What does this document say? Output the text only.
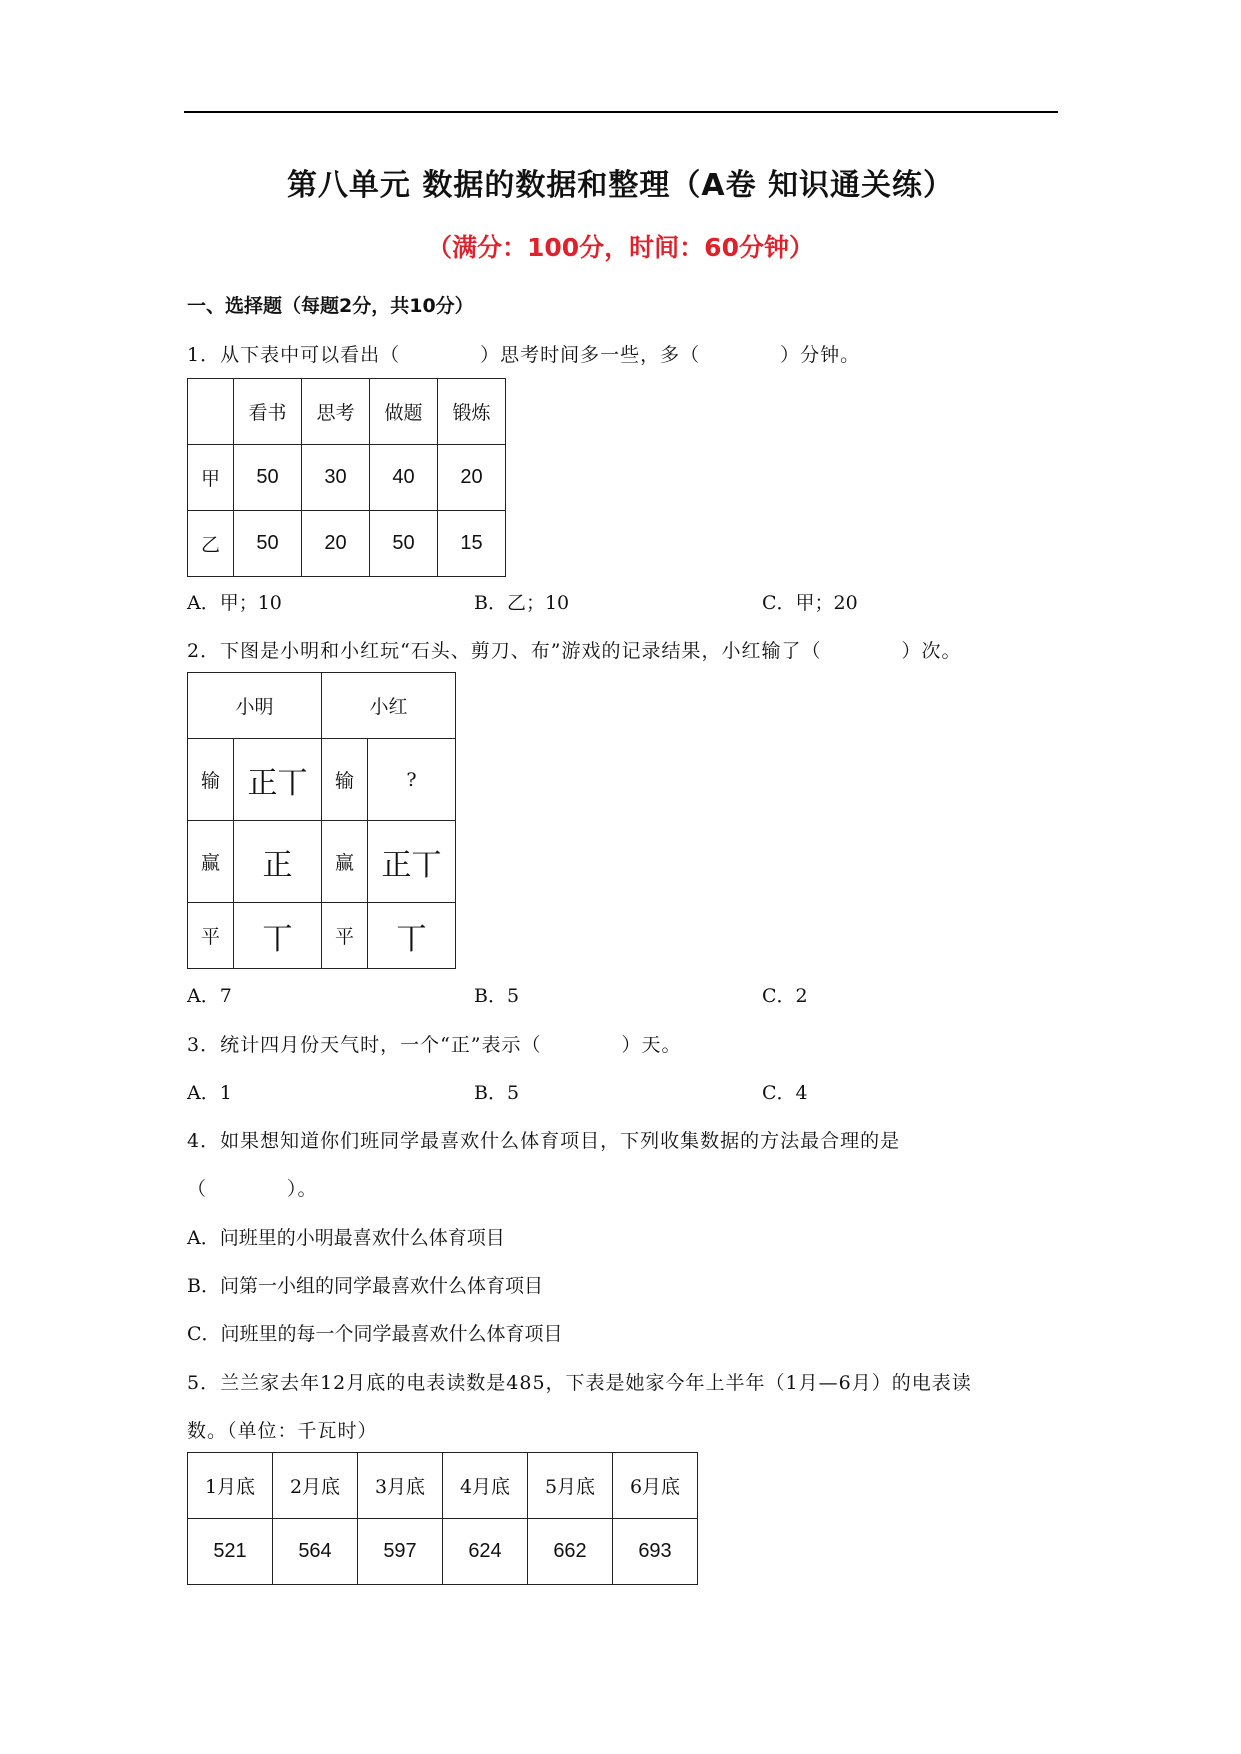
第八单元 数据的数据和整理（A卷 知识通关练）
（满分：100分，时间：60分钟）
一、选择题（每题2分，共10分）
1．从下表中可以看出（　　　　）思考时间多一些，多（　　　　）分钟。
	看书	思考	做题	锻炼
甲	50	30	40	20
乙	50	20	50	15
A．甲；10	B．乙；10	C．甲；20
2．下图是小明和小红玩“石头、剪刀、布”游戏的记录结果，小红输了（　　　　）次。
小明		小红	
输	正丅	输	?
赢	正	赢	正丅
平	丅	平	丅
A．7	B．5	C．2
3．统计四月份天气时，一个“正”表示（　　　　）天。
A．1	B．5	C．4
4．如果想知道你们班同学最喜欢什么体育项目，下列收集数据的方法最合理的是
（　　　　）。
A．问班里的小明最喜欢什么体育项目
B．问第一小组的同学最喜欢什么体育项目
C．问班里的每一个同学最喜欢什么体育项目
5．兰兰家去年12月底的电表读数是485，下表是她家今年上半年（1月—6月）的电表读
数。（单位：千瓦时）
1月底	2月底	3月底	4月底	5月底	6月底
521	564	597	624	662	693
